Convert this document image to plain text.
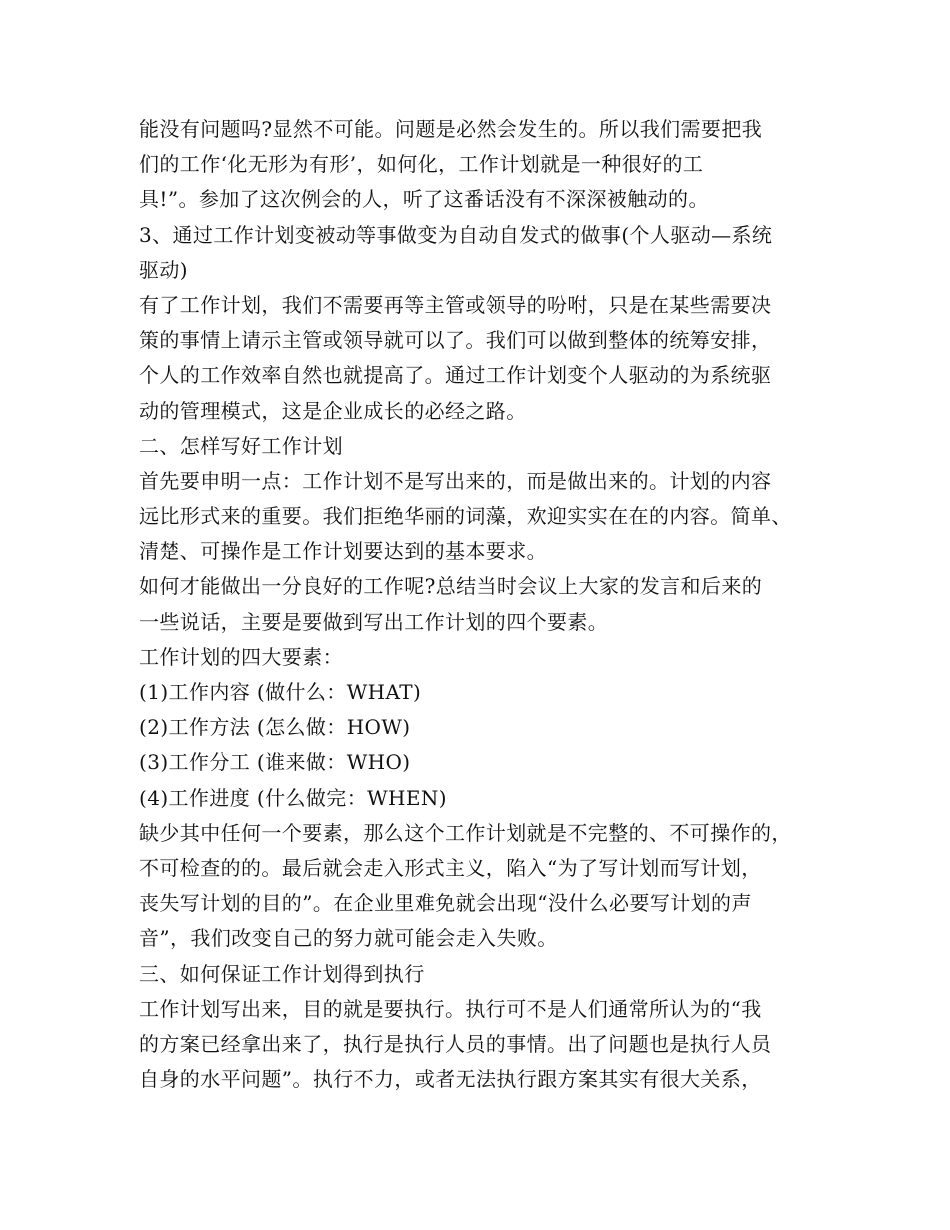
能没有问题吗?显然不可能。问题是必然会发生的。所以我们需要把我
们的工作‘化无形为有形’，如何化，工作计划就是一种很好的工
具!”。参加了这次例会的人，听了这番话没有不深深被触动的。
3、通过工作计划变被动等事做变为自动自发式的做事(个人驱动—系统
驱动)
有了工作计划，我们不需要再等主管或领导的吩咐，只是在某些需要决
策的事情上请示主管或领导就可以了。我们可以做到整体的统筹安排，
个人的工作效率自然也就提高了。通过工作计划变个人驱动的为系统驱
动的管理模式，这是企业成长的必经之路。
二、怎样写好工作计划
首先要申明一点：工作计划不是写出来的，而是做出来的。计划的内容
远比形式来的重要。我们拒绝华丽的词藻，欢迎实实在在的内容。简单、
清楚、可操作是工作计划要达到的基本要求。
如何才能做出一分良好的工作呢?总结当时会议上大家的发言和后来的
一些说话，主要是要做到写出工作计划的四个要素。
工作计划的四大要素：
(1)工作内容 (做什么：WHAT)
(2)工作方法 (怎么做：HOW)
(3)工作分工 (谁来做：WHO)
(4)工作进度 (什么做完：WHEN)
缺少其中任何一个要素，那么这个工作计划就是不完整的、不可操作的，
不可检查的的。最后就会走入形式主义，陷入“为了写计划而写计划，
丧失写计划的目的”。在企业里难免就会出现“没什么必要写计划的声
音”，我们改变自己的努力就可能会走入失败。
三、如何保证工作计划得到执行
工作计划写出来，目的就是要执行。执行可不是人们通常所认为的“我
的方案已经拿出来了，执行是执行人员的事情。出了问题也是执行人员
自身的水平问题”。执行不力，或者无法执行跟方案其实有很大关系，
